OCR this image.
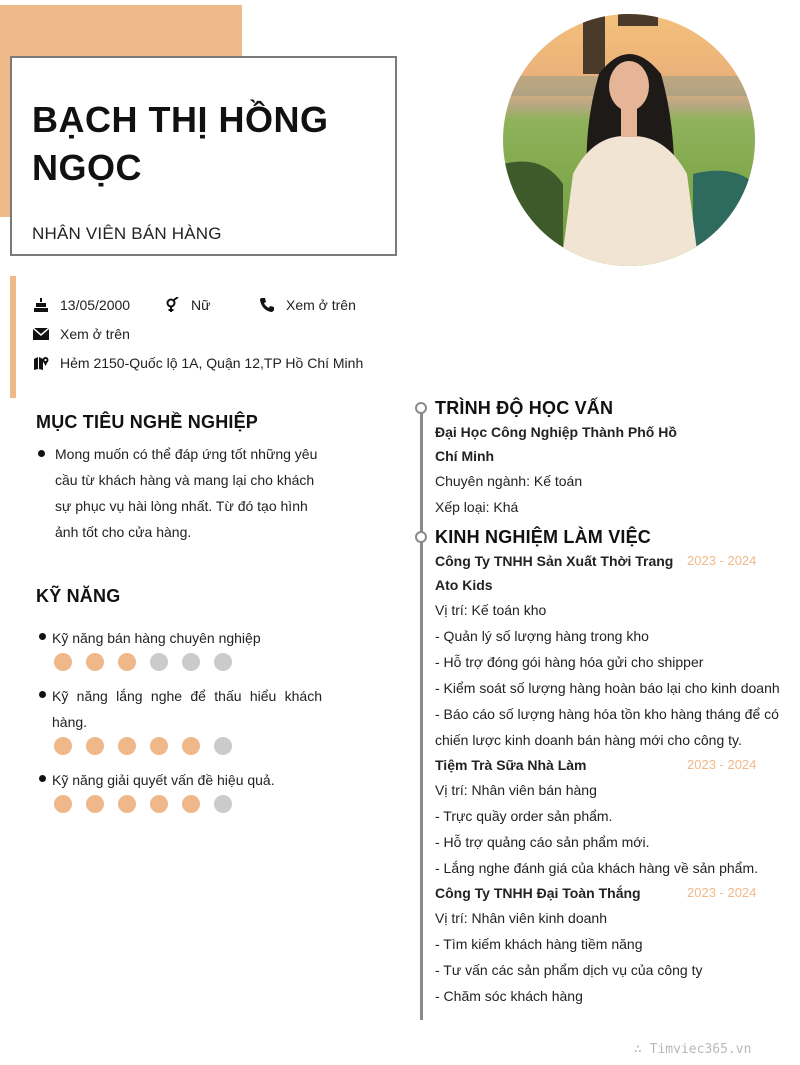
BẠCH THỊ HỒNG NGỌC
NHÂN VIÊN BÁN HÀNG
13/05/2000	Nữ	Xem ở trên
Xem ở trên
Hẻm 2150-Quốc lộ 1A, Quận 12,TP Hồ Chí Minh
MỤC TIÊU NGHỀ NGHIỆP
Mong muốn có thể đáp ứng tốt những yêu
cầu từ khách hàng và mang lại cho khách
sự phục vụ hài lòng nhất. Từ đó tạo hình
ảnh tốt cho cửa hàng.
KỸ NĂNG
Kỹ năng bán hàng chuyên nghiệp
Kỹ năng lắng nghe để thấu hiểu khách
hàng.
Kỹ năng giải quyết vấn đề hiệu quả.
TRÌNH ĐỘ HỌC VẤN
Đại Học Công Nghiệp Thành Phố Hồ
Chí Minh
Chuyên ngành: Kế toán
Xếp loại: Khá
KINH NGHIỆM LÀM VIỆC
Công Ty TNHH Sản Xuất Thời Trang 2023 - 2024
Ato Kids
Vị trí: Kế toán kho
- Quản lý số lượng hàng trong kho
- Hỗ trợ đóng gói hàng hóa gửi cho shipper
- Kiểm soát số lượng hàng hoàn báo lại cho kinh doanh
- Báo cáo số lượng hàng hóa tồn kho hàng tháng để có
chiến lược kinh doanh bán hàng mới cho công ty.
Tiệm Trà Sữa Nhà Làm	2023 - 2024
Vị trí: Nhân viên bán hàng
- Trực quầy order sản phẩm.
- Hỗ trợ quảng cáo sản phẩm mới.
- Lắng nghe đánh giá của khách hàng về sản phẩm.
Công Ty TNHH Đại Toàn Thắng	2023 - 2024
Vị trí: Nhân viên kinh doanh
- Tìm kiếm khách hàng tiềm năng
- Tư vấn các sản phẩm dịch vụ của công ty
- Chăm sóc khách hàng
∴ Timviec365.vn
